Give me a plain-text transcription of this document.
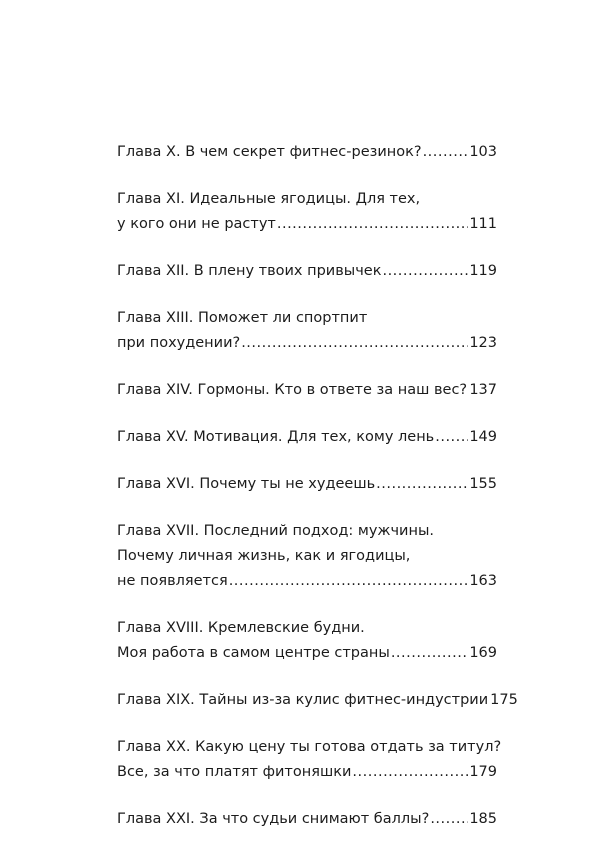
Глава X. В чем секрет фитнес-резинок? .....	103
Глава XI. Идеальные ягодицы. Для тех,
у кого они не растут .....	111
Глава XII. В плену твоих привычек .....	119
Глава XIII. Поможет ли спортпит
при похудении? .....	123
Глава XIV. Гормоны. Кто в ответе за наш вес? ..... 137
Глава XV. Мотивация. Для тех, кому лень ..... 149
Глава XVI. Почему ты не худеешь .....	155
Глава XVII. Последний подход: мужчины.
Почему личная жизнь, как и ягодицы,
не появляется .....	163
Глава XVIII. Кремлевские будни.
Моя работа в самом центре страны .....	169
Глава XIX. Тайны из-за кулис фитнес-индустрии 175
Глава XX. Какую цену ты готова отдать за титул?
Все, за что платят фитоняшки .....	179
Глава XXI. За что судьи снимают баллы? .....	185
